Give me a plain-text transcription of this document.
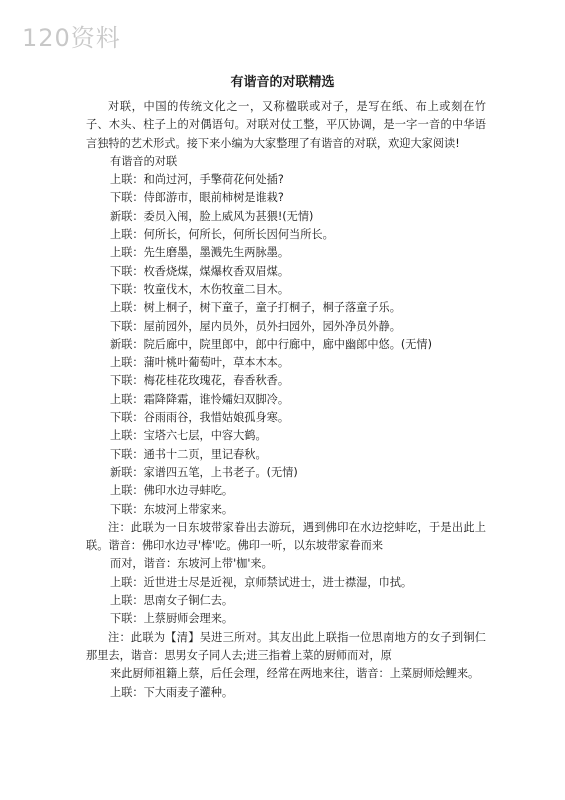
120资料
有谐音的对联精选
对联，中国的传统文化之一，又称楹联或对子，是写在纸、布上或刻在竹子、木头、柱子上的对偶语句。对联对仗工整，平仄协调，是一字一音的中华语言独特的艺术形式。接下来小编为大家整理了有谐音的对联，欢迎大家阅读!
有谐音的对联
上联：和尚过河，手擎荷花何处插?
下联：侍郎游市，眼前柿树是谁栽?
新联：委员入闱，脸上威风为甚猥!(无情)
上联：何所长，何所长，何所长因何当所长。
上联：先生磨墨，墨溅先生两脉墨。
下联：枚香烧煤，煤爆枚香双眉煤。
下联：牧童伐木，木伤牧童二目木。
上联：树上桐子，树下童子，童子打桐子，桐子落童子乐。
下联：屋前园外，屋内员外，员外扫园外，园外净员外静。
新联：院后廊中，院里郎中，郎中行廊中，廊中幽郎中悠。(无情)
上联：蒲叶桃叶葡萄叶，草本木本。
下联：梅花桂花玫瑰花，春香秋香。
上联：霜降降霜，谁怜孀妇双脚冷。
下联：谷雨雨谷，我惜姑娘孤身寒。
上联：宝塔六七层，中容大鹤。
下联：通书十二页，里记春秋。
新联：家谱四五笔，上书老子。(无情)
上联：佛印水边寻蚌吃。
下联：东坡河上带家来。
注：此联为一日东坡带家眷出去游玩，遇到佛印在水边挖蚌吃，于是出此上联。谐音：佛印水边寻'棒'吃。佛印一听，以东坡带家眷而来
而对，谐音：东坡河上带'枷'来。
上联：近世进士尽是近视，京师禁试进士，进士襟湿，巾拭。
上联：思南女子铜仁去。
下联：上蔡厨师会理来。
注：此联为【清】吴进三所对。其友出此上联指一位思南地方的女子到铜仁那里去，谐音：思男女子同人去;进三指着上菜的厨师而对，原
来此厨师祖籍上蔡，后任会理，经常在两地来往，谐音：上菜厨师烩鲤来。
上联：下大雨麦子灌种。
